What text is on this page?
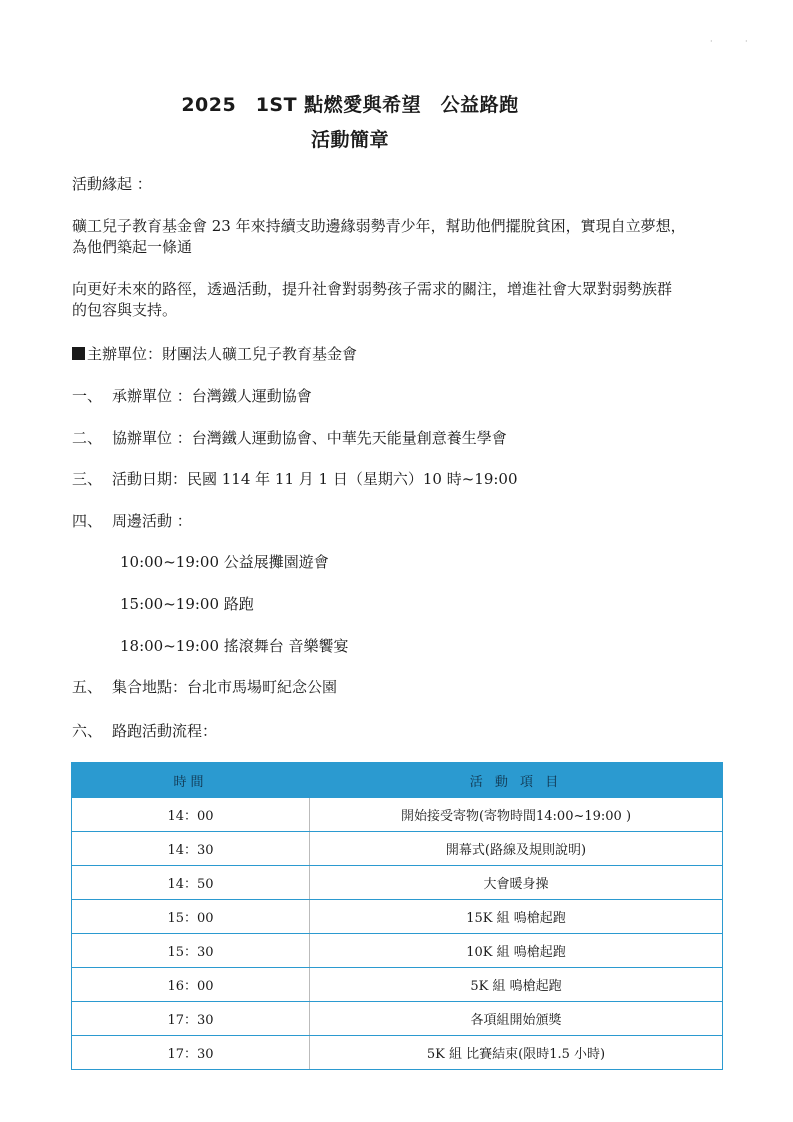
2025　1ST 點燃愛與希望　公益路跑
活動簡章
活動緣起 ：
礦工兒子教育基金會 23 年來持續支助邊緣弱勢青少年，幫助他們擺脫貧困，實現自立夢想，
為他們築起一條通
向更好未來的路徑，透過活動，提升社會對弱勢孩子需求的關注，增進社會大眾對弱勢族群
的包容與支持。
主辦單位：財團法人礦工兒子教育基金會
一、 承辦單位 ：台灣鐵人運動協會
二、 協辦單位 ：台灣鐵人運動協會、中華先天能量創意養生學會
三、 活動日期：民國 114 年 11 月 1 日（星期六）10 時~19:00
四、 周邊活動 ：
10:00~19:00 公益展攤園遊會
15:00~19:00 路跑
18:00~19:00 搖滾舞台 音樂饗宴
五、 集合地點：台北市馬場町紀念公園
六、 路跑活動流程：
時間	活 動 項 目
14：00	開始接受寄物(寄物時間14:00~19:00 )
14：30	開幕式(路線及規則說明)
14：50	大會暖身操
15：00	15K 組 鳴槍起跑
15：30	10K 組 鳴槍起跑
16：00	5K 組 鳴槍起跑
17：30	各項組開始頒獎
17：30	5K 組 比賽結束(限時1.5 小時)
·	·
